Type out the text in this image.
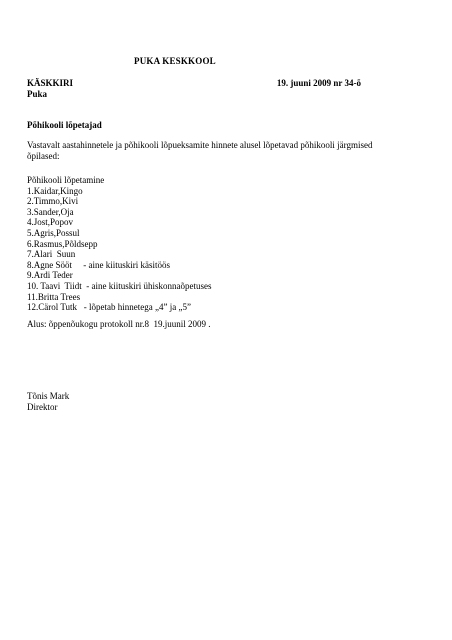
PUKA KESKKOOL
KÄSKKIRI	19. juuni 2009 nr 34-õ
Puka
Põhikooli lõpetajad
Vastavalt aastahinnetele ja põhikooli lõpueksamite hinnete alusel lõpetavad põhikooli järgmised õpilased:
Põhikooli lõpetamine
1.Kaidar,Kingo
2.Timmo,Kivi
3.Sander,Oja
4.Jost,Popov
5.Agris,Possul
6.Rasmus,Põldsepp
7.Alari  Suun
8.Agne Sööt     - aine kiituskiri käsitöös
9.Ardi Teder
10. Taavi  Tiidt  - aine kiituskiri ühiskonnaõpetuses
11.Britta Trees
12.Cärol Tutk   - lõpetab hinnetega „4” ja „5”
Alus: õppenõukogu protokoll nr.8  19.juunil 2009 .
Tõnis Mark
Direktor
